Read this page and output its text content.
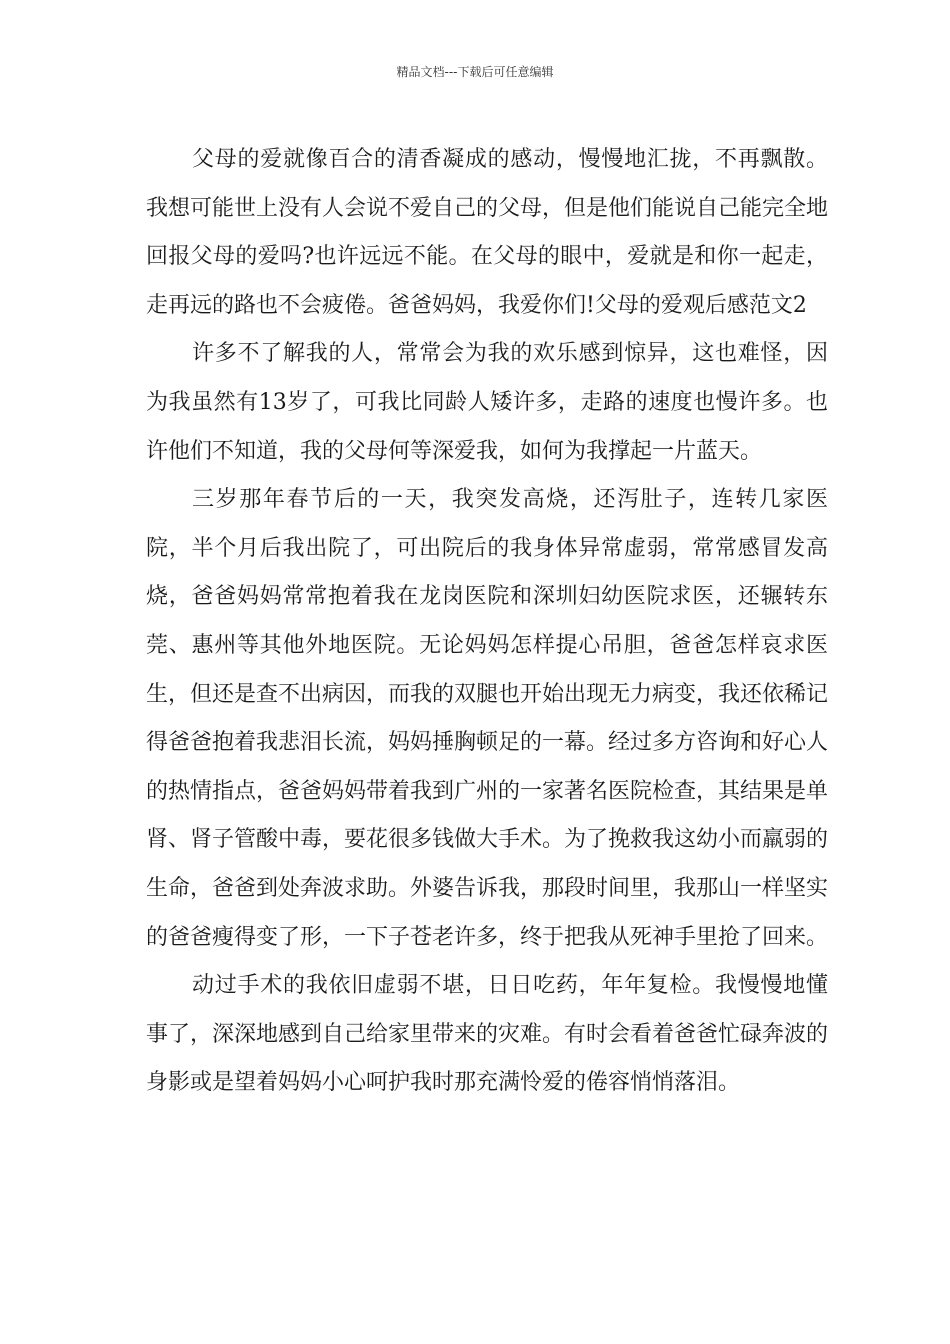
精品文档---下载后可任意编辑

父母的爱就像百合的清香凝成的感动，慢慢地汇拢，不再飘散。我想可能世上没有人会说不爱自己的父母，但是他们能说自己能完全地回报父母的爱吗?也许远远不能。在父母的眼中，爱就是和你一起走，走再远的路也不会疲倦。爸爸妈妈，我爱你们!父母的爱观后感范文2

许多不了解我的人，常常会为我的欢乐感到惊异，这也难怪，因为我虽然有13岁了，可我比同龄人矮许多，走路的速度也慢许多。也许他们不知道，我的父母何等深爱我，如何为我撑起一片蓝天。

三岁那年春节后的一天，我突发高烧，还泻肚子，连转几家医院，半个月后我出院了，可出院后的我身体异常虚弱，常常感冒发高烧，爸爸妈妈常常抱着我在龙岗医院和深圳妇幼医院求医，还辗转东莞、惠州等其他外地医院。无论妈妈怎样提心吊胆，爸爸怎样哀求医生，但还是查不出病因，而我的双腿也开始出现无力病变，我还依稀记得爸爸抱着我悲泪长流，妈妈捶胸顿足的一幕。经过多方咨询和好心人的热情指点，爸爸妈妈带着我到广州的一家著名医院检查，其结果是单肾、肾子管酸中毒，要花很多钱做大手术。为了挽救我这幼小而羸弱的生命，爸爸到处奔波求助。外婆告诉我，那段时间里，我那山一样坚实的爸爸瘦得变了形，一下子苍老许多，终于把我从死神手里抢了回来。

动过手术的我依旧虚弱不堪，日日吃药，年年复检。我慢慢地懂事了，深深地感到自己给家里带来的灾难。有时会看着爸爸忙碌奔波的身影或是望着妈妈小心呵护我时那充满怜爱的倦容悄悄落泪。
